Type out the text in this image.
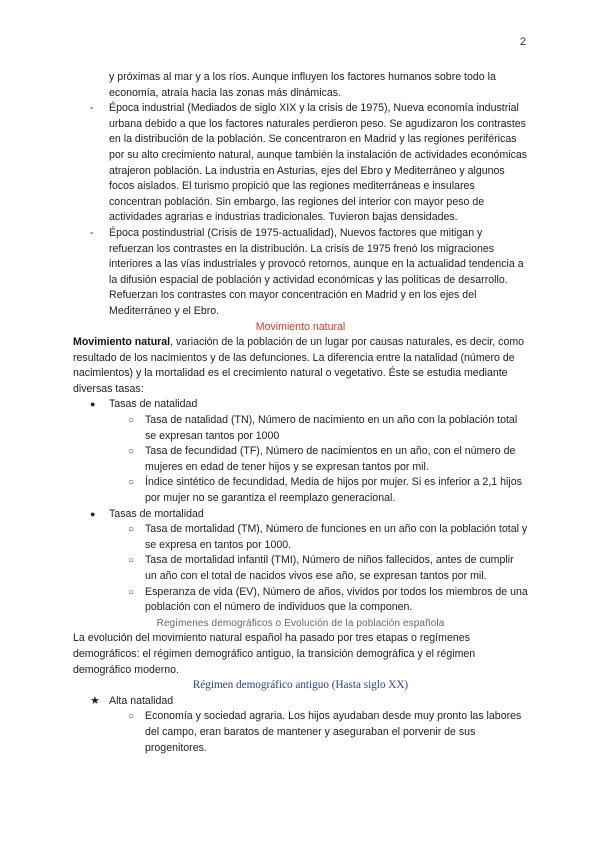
2

y próximas al mar y a los ríos. Aunque influyen los factores humanos sobre todo la economía, atraía hacia las zonas más dinámicas.

- Época industrial (Mediados de siglo XIX y la crisis de 1975), Nueva economía industrial urbana debido a que los factores naturales perdieron peso. Se agudizaron los contrastes en la distribución de la población. Se concentraron en Madrid y las regiones periféricas por su alto crecimiento natural, aunque también la instalación de actividades económicas atrajeron población. La industria en Asturias, ejes del Ebro y Mediterráneo y algunos focos aislados. El turismo propició que las regiones mediterráneas e insulares concentran población. Sin embargo, las regiones del interior con mayor peso de actividades agrarias e industrias tradicionales. Tuvieron bajas densidades.

- Época postindustrial (Crisis de 1975-actualidad), Nuevos factores que mitigan y refuerzan los contrastes en la distribución. La crisis de 1975 frenó los migraciones interiores a las vías industriales y provocó retornos, aunque en la actualidad tendencia a la difusión espacial de población y actividad económicas y las políticas de desarrollo. Refuerzan los contrastes con mayor concentración en Madrid y en los ejes del Mediterráneo y el Ebro.

Movimiento natural

Movimiento natural, variación de la población de un lugar por causas naturales, es decir, como resultado de los nacimientos y de las defunciones. La diferencia entre la natalidad (número de nacimientos) y la mortalidad es el crecimiento natural o vegetativo. Éste se estudia mediante diversas tasas:

● Tasas de natalidad
○ Tasa de natalidad (TN), Número de nacimiento en un año con la población total se expresan tantos por 1000
○ Tasa de fecundidad (TF), Número de nacimientos en un año, con el número de mujeres en edad de tener hijos y se expresan tantos por mil.
○ Índice sintético de fecundidad, Media de hijos por mujer. Si es inferior a 2,1 hijos por mujer no se garantiza el reemplazo generacional.
● Tasas de mortalidad
○ Tasa de mortalidad (TM), Número de funciones en un año con la población total y se expresa en tantos por 1000.
○ Tasa de mortalidad infantil (TMI), Número de niños fallecidos, antes de cumplir un año con el total de nacidos vivos ese año, se expresan tantos por mil.
○ Esperanza de vida (EV), Número de años, vividos por todos los miembros de una población con el número de individuos que la componen.

Regímenes demográficos o Evolución de la población española

La evolución del movimiento natural español ha pasado por tres etapas o regímenes demográficos: el régimen demográfico antiguo, la transición demográfica y el régimen demográfico moderno.

Régimen demográfico antiguo (Hasta siglo XX)

★ Alta natalidad
○ Economía y sociedad agraria. Los hijos ayudaban desde muy pronto las labores del campo, eran baratos de mantener y aseguraban el porvenir de sus progenitores.
